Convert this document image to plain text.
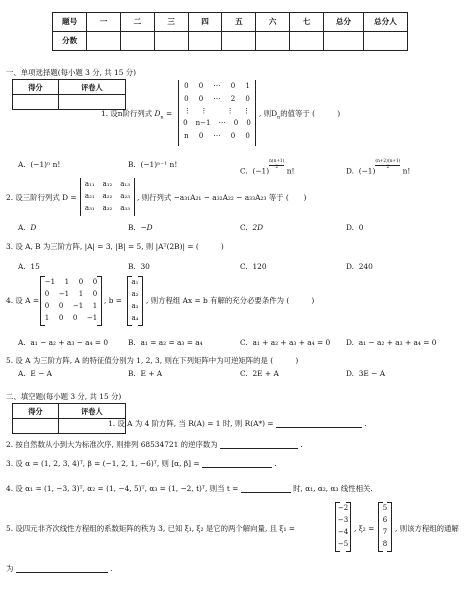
题号	一	二	三	四	五	六	七	总分	总分人
分数									
一、单项选择题(每小题 3 分, 共 15 分)
得分	评卷人

1. 设n阶行列式 $D_n$ =
0 0 ⋯ 0 1
0 0 ⋯ 2 0
⋮ ⋮	⋮ ⋮
0 n−1 ⋯ 0 0
n 0 ⋯ 0 0
, 则$D_n$的值等于 (　　　)
A. (−1)ⁿ n!	B. (−1)ⁿ⁻¹ n!
C. (−1)
$\frac{n(n+1)}{2}$
n!	D. (−1)
$\frac{(n+2)(n+1)}{2}$
n!
2. 设三阶行列式 D =
a₁₁ a₁₂ a₁₃
a₂₁ a₂₂ a₂₃
a₃₁ a₃₂ a₃₃
, 则行列式 −a₃₁A₂₁ − a₃₂A₂₂ − a₃₃A₂₃ 等于 (　　)
A. D	B. −D	C. 2D	D. 0
3. 设 A, B 为三阶方阵, |A| = 3, |B| = 5, 则 |Aᵀ(2B)| = (　　　)
A. 15	B. 30	C. 120	D. 240
4. 设 A =
−1 1 0 0
0 −1 1 0
0 0 −1 1
1 0 0 −1
, b =
a₁
a₂
a₃
a₄
, 则方程组 Ax = b 有解的充分必要条件为 (　　　)
A. a₁ − a₂ + a₃ − a₄ = 0	B. a₁ = a₂ = a₃ = a₄	C. a₁ + a₂ + a₃ + a₄ = 0 D. a₁ − a₂ + a₃ + a₄ = 0
5. 设 A 为三阶方阵, A 的特征值分别为 1, 2, 3, 则在下列矩阵中为可逆矩阵的是 (　　　)
A. E − A	B. E + A	C. 2E + A	D. 3E − A
二、填空题(每小题 3 分, 共 15 分)
得分	评卷人

1. 设 A 为 4 阶方阵, 当 R(A) = 1 时, 则 R(A*) =	.
2. 按自然数从小到大为标准次序, 则排列 68534721 的逆序数为	.
3. 设 α = (1, 2, 3, 4)ᵀ, β = (−1, 2, 1, −6)ᵀ, 则 [α, β] =	.
4. 设 α₁ = (1, −3, 3)ᵀ, α₂ = (1, −4, 5)ᵀ, α₃ = (1, −2, t)ᵀ, 则当 t =	时, α₁, α₂, α₃ 线性相关.
5. 设四元非齐次线性方程组的系数矩阵的秩为 3, 已知 ξ₁, ξ₂ 是它的两个解向量, 且 ξ₁ =
−2
−3
−4
−5
, ξ₂ =
5
6
7
8
, 则该方程组的通解
为	.
